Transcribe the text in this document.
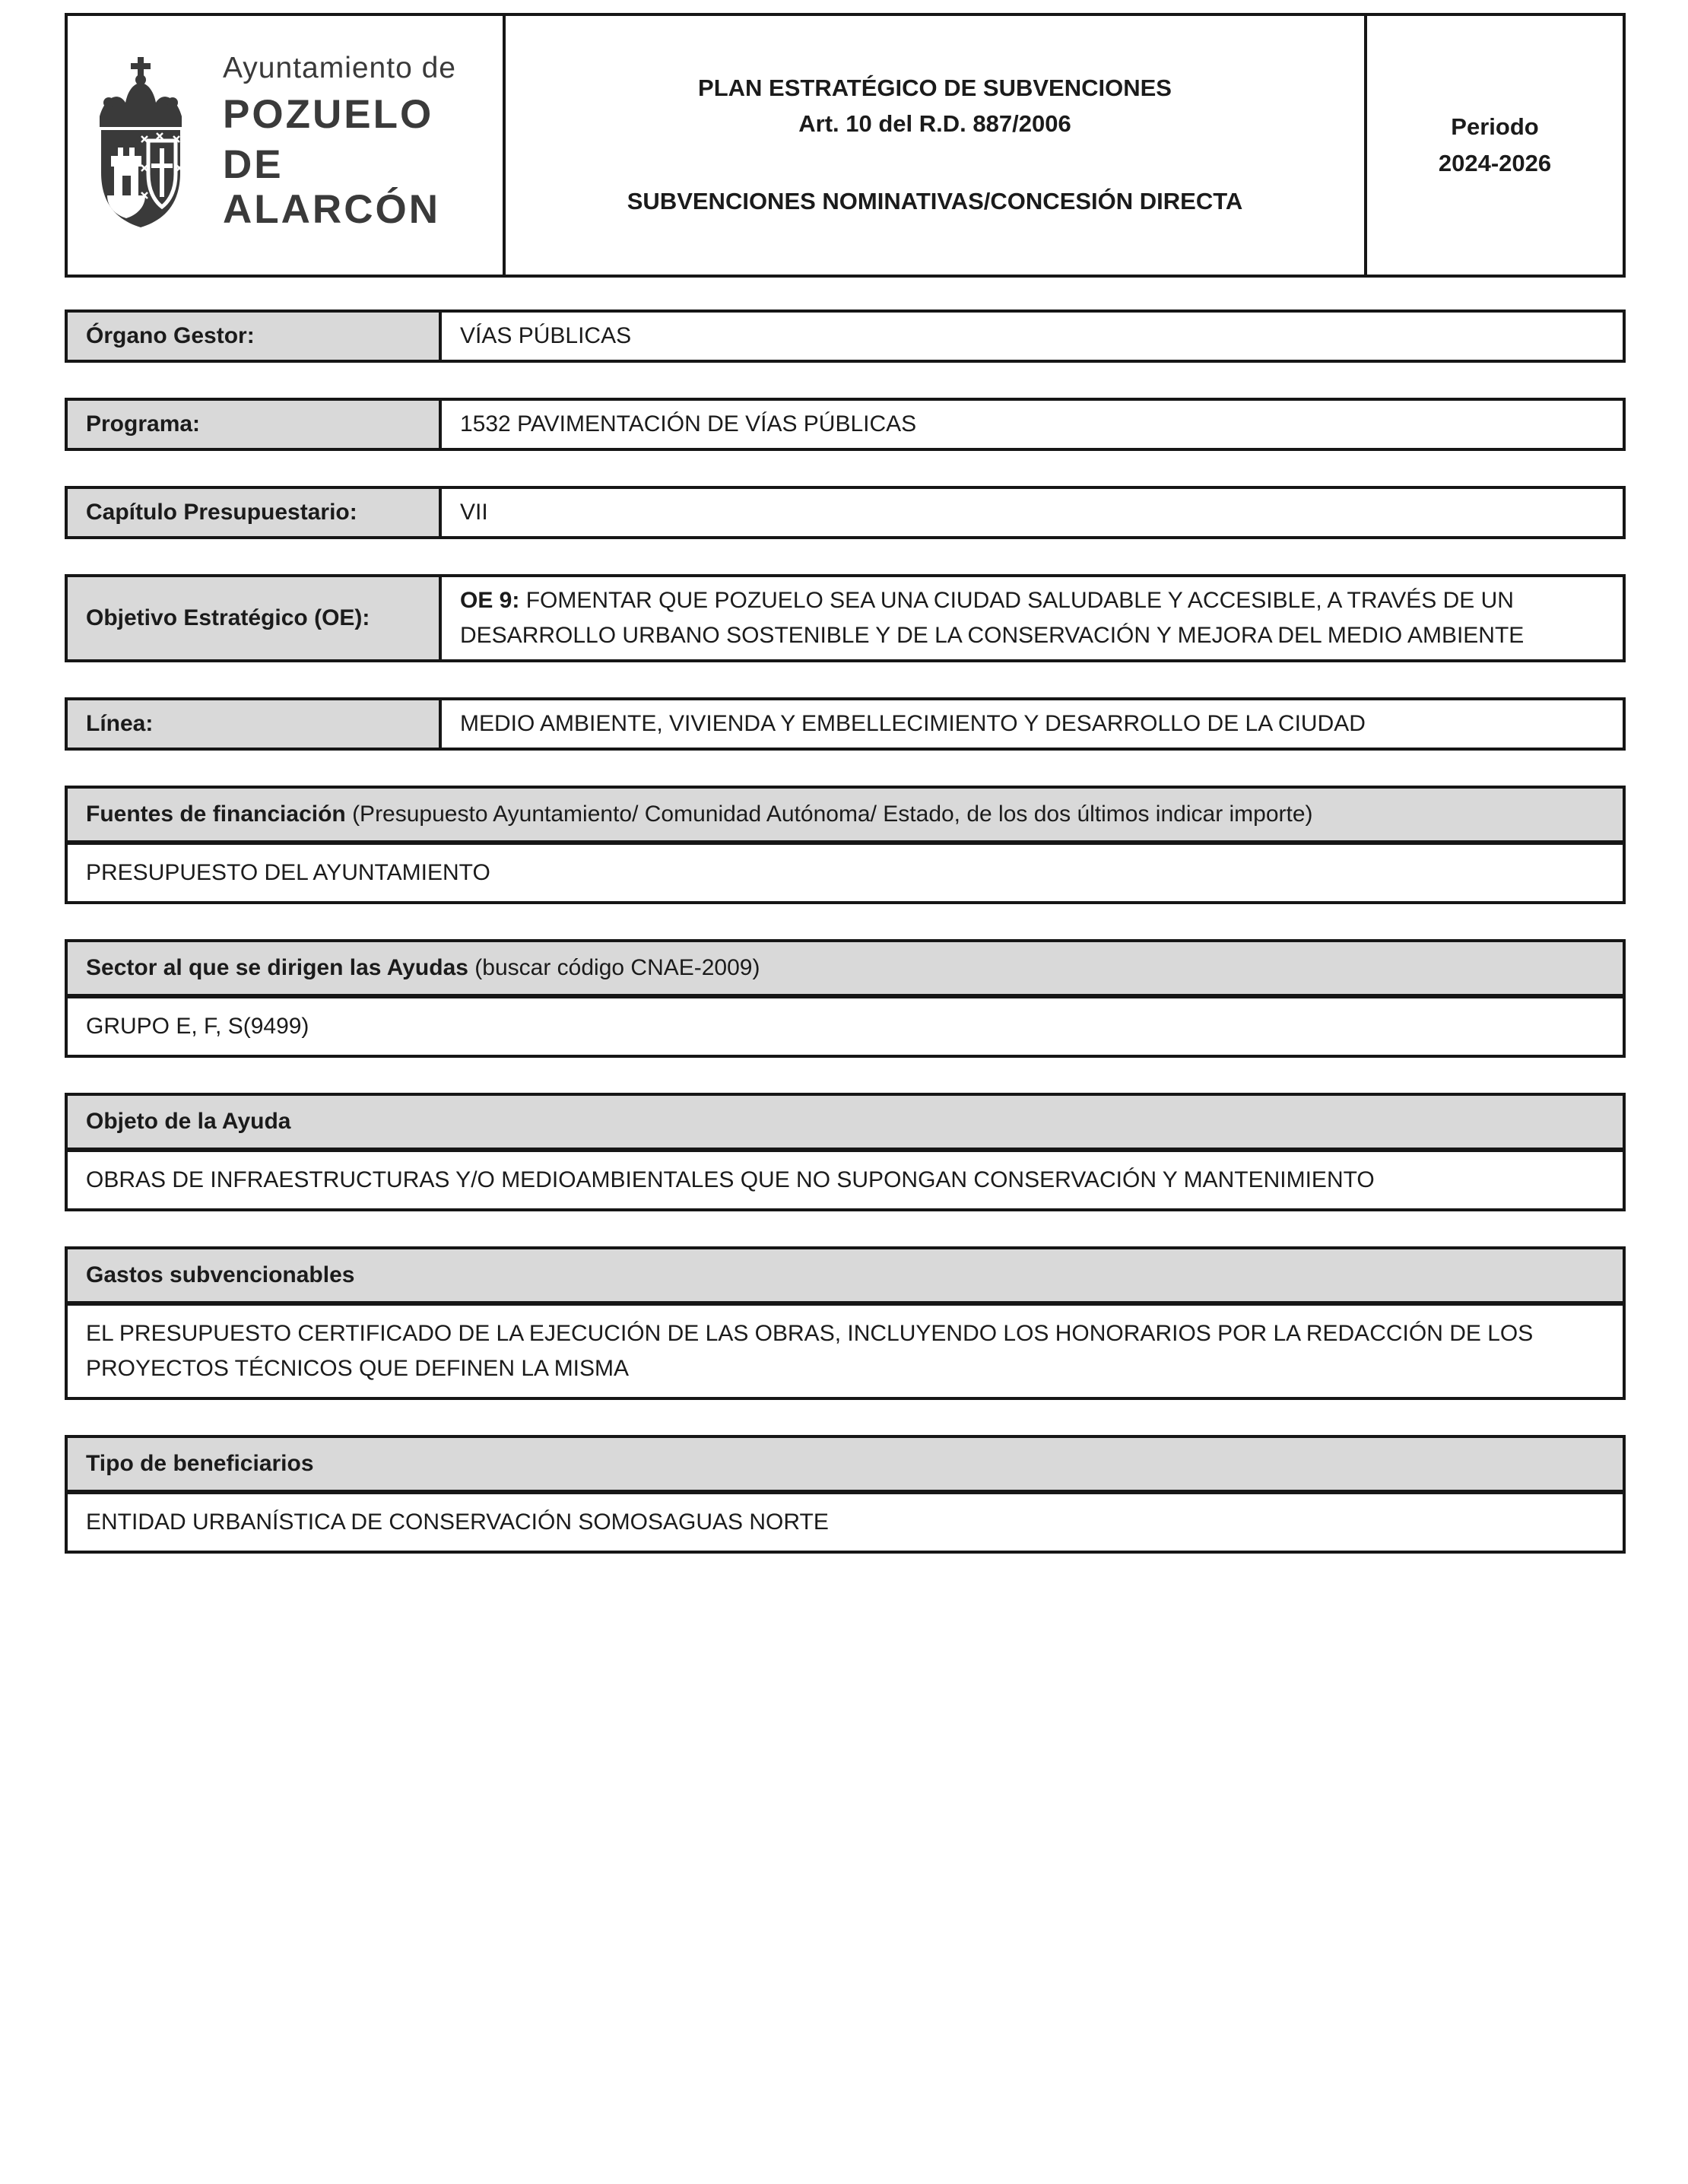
Ayuntamiento de
POZUELO
DE ALARCÓN
PLAN ESTRATÉGICO DE SUBVENCIONES
Art. 10 del R.D. 887/2006
SUBVENCIONES NOMINATIVAS/CONCESIÓN DIRECTA
Periodo
2024-2026
Órgano Gestor:	VÍAS PÚBLICAS
Programa:	1532 PAVIMENTACIÓN DE VÍAS PÚBLICAS
Capítulo Presupuestario:	VII
Objetivo Estratégico (OE):
OE 9: FOMENTAR QUE POZUELO SEA UNA CIUDAD SALUDABLE Y ACCESIBLE, A TRAVÉS DE UN DESARROLLO URBANO SOSTENIBLE Y DE LA CONSERVACIÓN Y MEJORA DEL MEDIO AMBIENTE
Línea:	MEDIO AMBIENTE, VIVIENDA Y EMBELLECIMIENTO Y DESARROLLO DE LA CIUDAD
Fuentes de financiación (Presupuesto Ayuntamiento/ Comunidad Autónoma/ Estado, de los dos últimos indicar importe)
PRESUPUESTO DEL AYUNTAMIENTO
Sector al que se dirigen las Ayudas (buscar código CNAE-2009)
GRUPO E, F, S(9499)
Objeto de la Ayuda
OBRAS DE INFRAESTRUCTURAS Y/O MEDIOAMBIENTALES QUE NO SUPONGAN CONSERVACIÓN Y MANTENIMIENTO
Gastos subvencionables
EL PRESUPUESTO CERTIFICADO DE LA EJECUCIÓN DE LAS OBRAS, INCLUYENDO LOS HONORARIOS POR LA REDACCIÓN DE LOS PROYECTOS TÉCNICOS QUE DEFINEN LA MISMA
Tipo de beneficiarios
ENTIDAD URBANÍSTICA DE CONSERVACIÓN SOMOSAGUAS NORTE
